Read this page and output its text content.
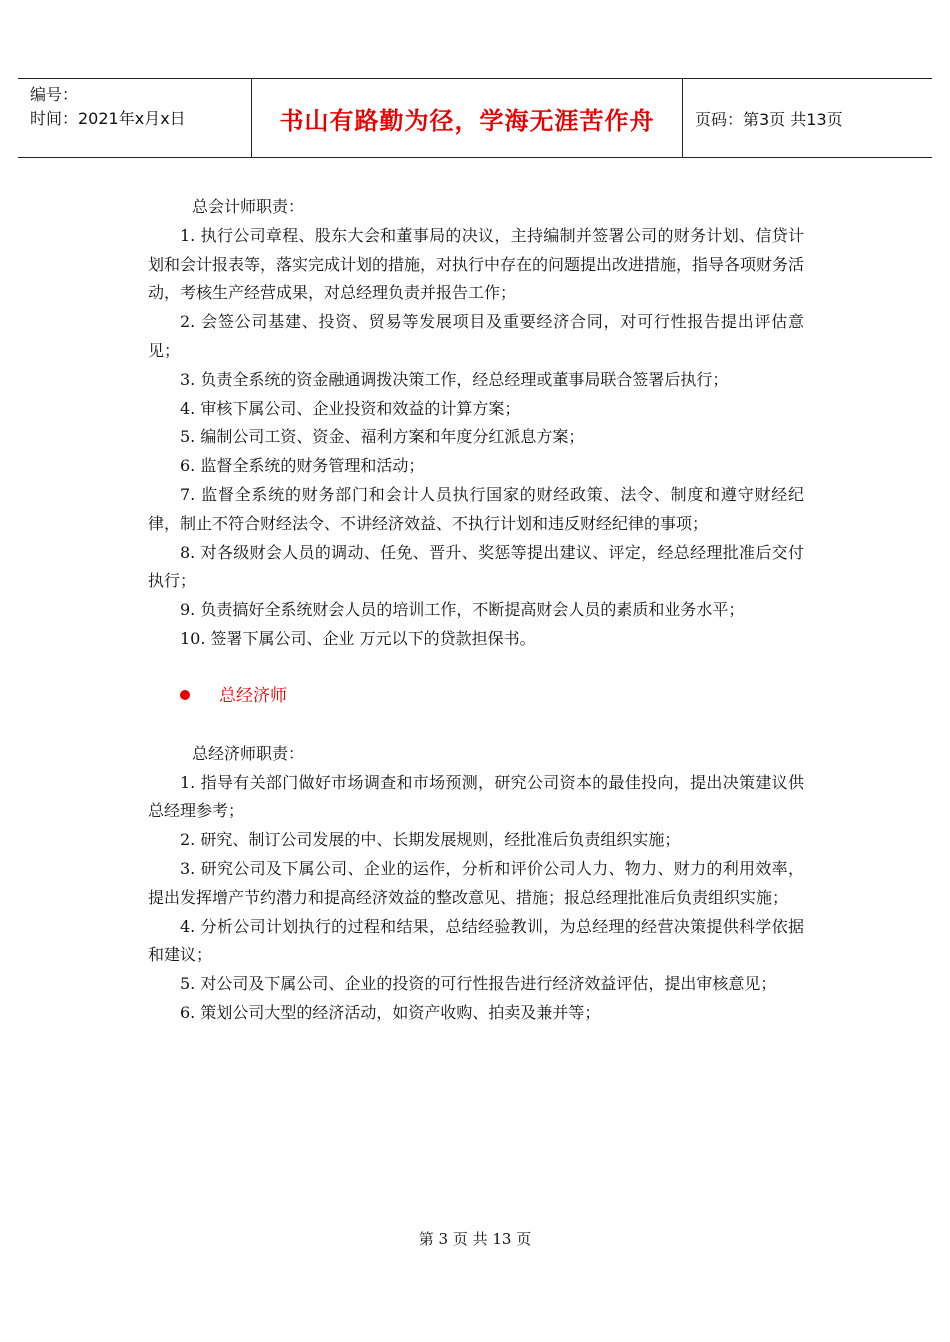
编号：
时间：2021年x月x日	书山有路勤为径，学海无涯苦作舟	页码：第3页 共13页

总会计师职责：

1. 执行公司章程、股东大会和董事局的决议，主持编制并签署公司的财务计划、信贷计划和会计报表等，落实完成计划的措施，对执行中存在的问题提出改进措施，指导各项财务活动，考核生产经营成果，对总经理负责并报告工作；

2. 会签公司基建、投资、贸易等发展项目及重要经济合同，对可行性报告提出评估意见；

3. 负责全系统的资金融通调拨决策工作，经总经理或董事局联合签署后执行；

4. 审核下属公司、企业投资和效益的计算方案；

5. 编制公司工资、资金、福利方案和年度分红派息方案；

6. 监督全系统的财务管理和活动；

7. 监督全系统的财务部门和会计人员执行国家的财经政策、法令、制度和遵守财经纪律，制止不符合财经法令、不讲经济效益、不执行计划和违反财经纪律的事项；

8. 对各级财会人员的调动、任免、晋升、奖惩等提出建议、评定，经总经理批准后交付执行；

9. 负责搞好全系统财会人员的培训工作，不断提高财会人员的素质和业务水平；

10. 签署下属公司、企业 万元以下的贷款担保书。

总经济师

总经济师职责：

1. 指导有关部门做好市场调查和市场预测，研究公司资本的最佳投向，提出决策建议供总经理参考；

2. 研究、制订公司发展的中、长期发展规则，经批准后负责组织实施；

3. 研究公司及下属公司、企业的运作，分析和评价公司人力、物力、财力的利用效率，提出发挥增产节约潜力和提高经济效益的整改意见、措施；报总经理批准后负责组织实施；

4. 分析公司计划执行的过程和结果，总结经验教训，为总经理的经营决策提供科学依据和建议；

5. 对公司及下属公司、企业的投资的可行性报告进行经济效益评估，提出审核意见；

6. 策划公司大型的经济活动，如资产收购、拍卖及兼并等；

第 3 页 共 13 页
